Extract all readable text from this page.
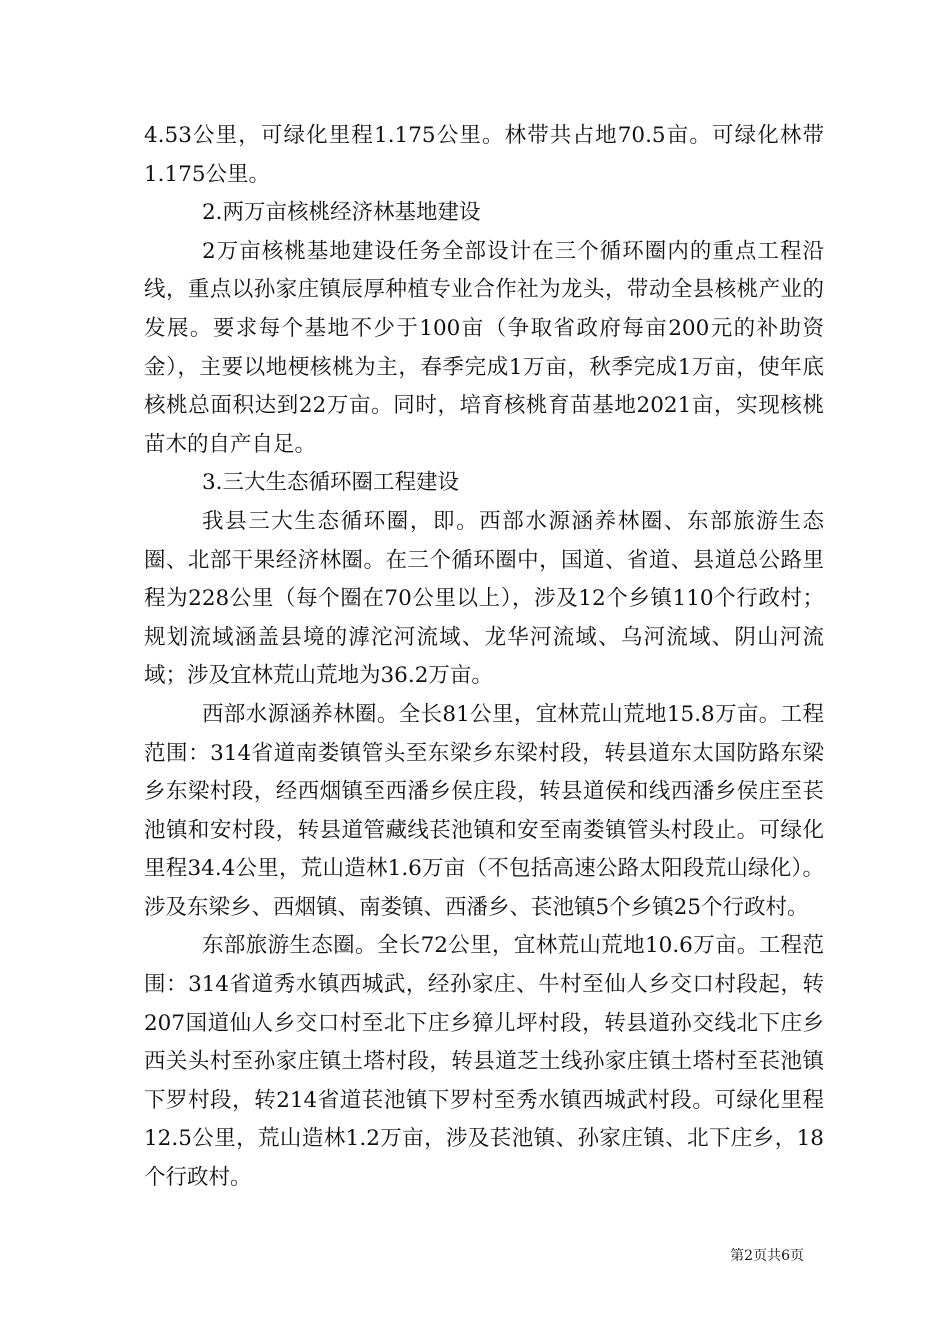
4.53公里，可绿化里程1.175公里。林带共占地70.5亩。可绿化林带1.175公里。

2.两万亩核桃经济林基地建设

2万亩核桃基地建设任务全部设计在三个循环圈内的重点工程沿线，重点以孙家庄镇辰厚种植专业合作社为龙头，带动全县核桃产业的发展。要求每个基地不少于100亩（争取省政府每亩200元的补助资金），主要以地梗核桃为主，春季完成1万亩，秋季完成1万亩，使年底核桃总面积达到22万亩。同时，培育核桃育苗基地2021亩，实现核桃苗木的自产自足。

3.三大生态循环圈工程建设

我县三大生态循环圈，即。西部水源涵养林圈、东部旅游生态圈、北部干果经济林圈。在三个循环圈中，国道、省道、县道总公路里程为228公里（每个圈在70公里以上），涉及12个乡镇110个行政村；规划流域涵盖县境的滹沱河流域、龙华河流域、乌河流域、阴山河流域；涉及宜林荒山荒地为36.2万亩。

西部水源涵养林圈。全长81公里，宜林荒山荒地15.8万亩。工程范围：314省道南娄镇管头至东梁乡东梁村段，转县道东太国防路东梁乡东梁村段，经西烟镇至西潘乡侯庄段，转县道侯和线西潘乡侯庄至苌池镇和安村段，转县道管藏线苌池镇和安至南娄镇管头村段止。可绿化里程34.4公里，荒山造林1.6万亩（不包括高速公路太阳段荒山绿化）。涉及东梁乡、西烟镇、南娄镇、西潘乡、苌池镇5个乡镇25个行政村。

东部旅游生态圈。全长72公里，宜林荒山荒地10.6万亩。工程范围：314省道秀水镇西城武，经孙家庄、牛村至仙人乡交口村段起，转207国道仙人乡交口村至北下庄乡獐儿坪村段，转县道孙交线北下庄乡西关头村至孙家庄镇土塔村段，转县道芝土线孙家庄镇土塔村至苌池镇下罗村段，转214省道苌池镇下罗村至秀水镇西城武村段。可绿化里程12.5公里，荒山造林1.2万亩，涉及苌池镇、孙家庄镇、北下庄乡，18个行政村。

第2页共6页
